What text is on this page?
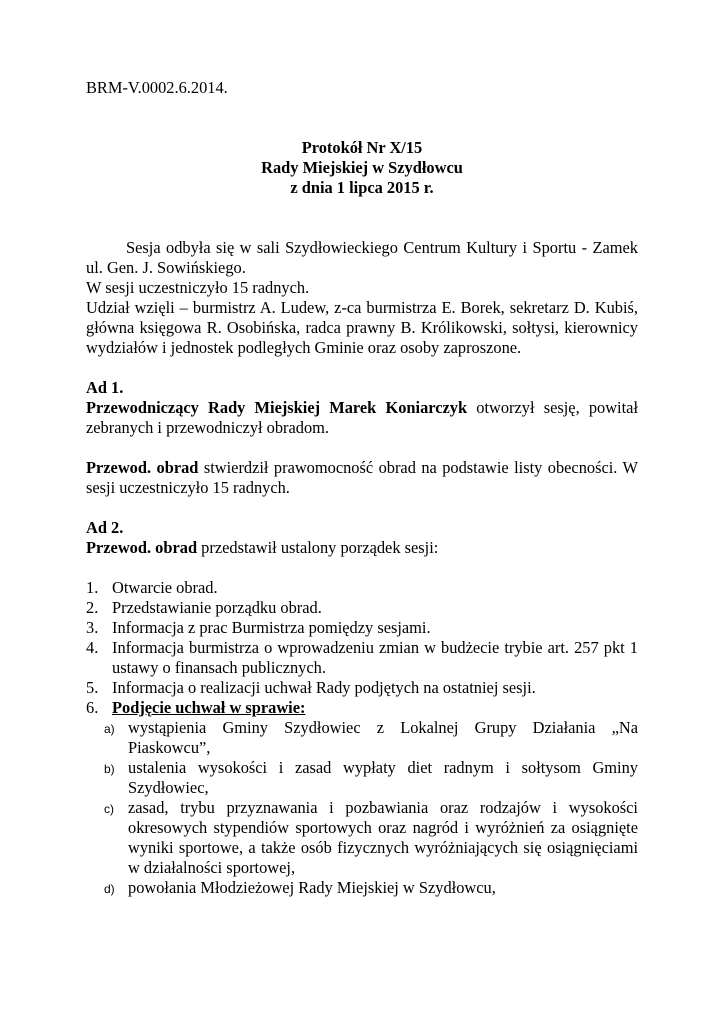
BRM-V.0002.6.2014.

Protokół Nr X/15
Rady Miejskiej w Szydłowcu
z dnia 1 lipca 2015 r.

Sesja odbyła się w sali Szydłowieckiego Centrum Kultury i Sportu - Zamek ul. Gen. J. Sowińskiego.

W sesji uczestniczyło 15 radnych.

Udział wzięli – burmistrz A. Ludew, z-ca burmistrza E. Borek, sekretarz D. Kubiś, główna księgowa R. Osobińska, radca prawny B. Królikowski, sołtysi, kierownicy wydziałów i jednostek podległych Gminie oraz osoby zaproszone.

Ad 1.

Przewodniczący Rady Miejskiej Marek Koniarczyk otworzył sesję, powitał zebranych i przewodniczył obradom.

Przewod. obrad stwierdził prawomocność obrad na podstawie listy obecności. W sesji uczestniczyło 15 radnych.

Ad 2.

Przewod. obrad przedstawił ustalony porządek sesji:

1. Otwarcie obrad.
2. Przedstawianie porządku obrad.
3. Informacja z prac Burmistrza pomiędzy sesjami.
4. Informacja burmistrza o wprowadzeniu zmian w budżecie trybie art. 257 pkt 1 ustawy o finansach publicznych.
5. Informacja o realizacji uchwał Rady podjętych na ostatniej sesji.
6. Podjęcie uchwał w sprawie:
a) wystąpienia Gminy Szydłowiec z Lokalnej Grupy Działania „Na Piaskowcu”,
b) ustalenia wysokości i zasad wypłaty diet radnym i sołtysom Gminy Szydłowiec,
c) zasad, trybu przyznawania i pozbawiania oraz rodzajów i wysokości okresowych stypendiów sportowych oraz nagród i wyróżnień za osiągnięte wyniki sportowe, a także osób fizycznych wyróżniających się osiągnięciami w działalności sportowej,
d) powołania Młodzieżowej Rady Miejskiej w Szydłowcu,
